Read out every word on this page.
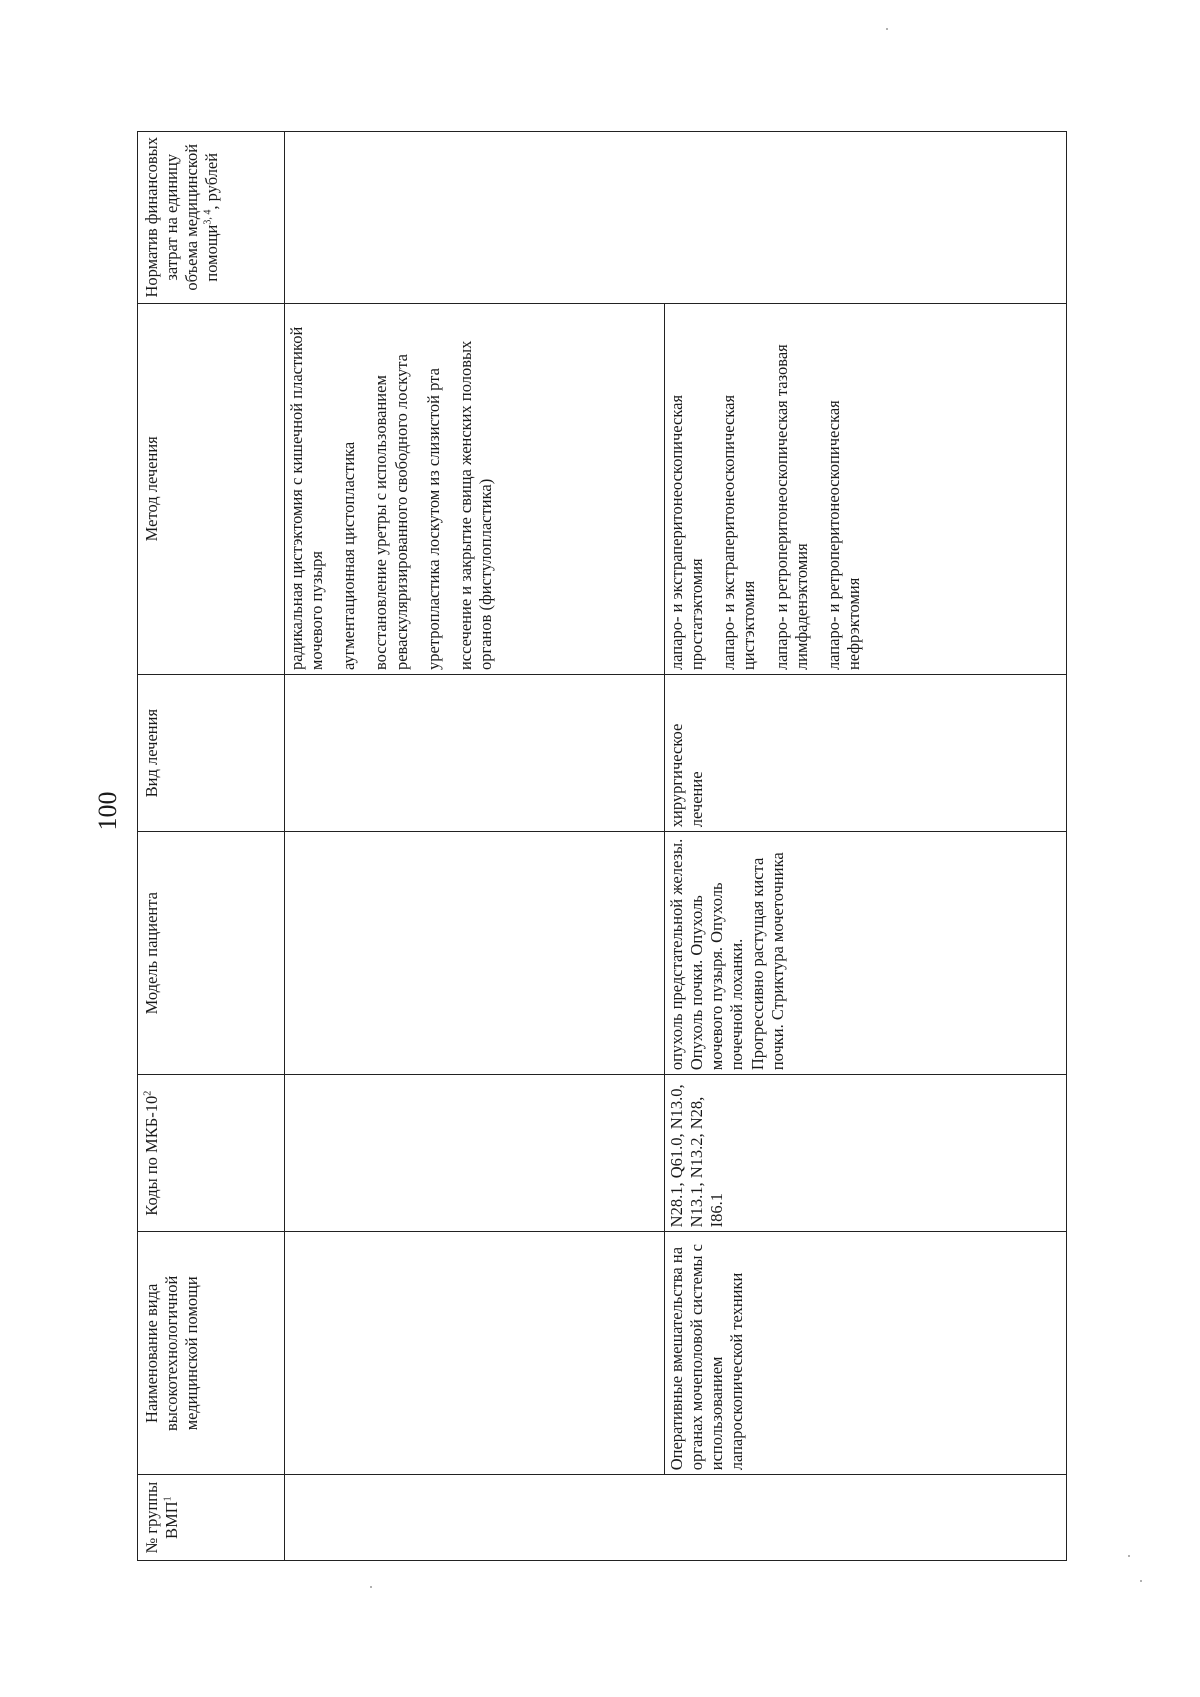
100
№ группы ВМП$^1$	Наименование вида высокотехнологичной медицинской помощи	Коды по МКБ-$10^2$	Модель пациента	Вид лечения	Метод лечения	Норматив финансовых затрат на единицу объема медицинской помощи$^{3, 4}$, рублей

					радикальная цистэктомия с кишечной пластикой мочевого пузыря аугментационная цистопластика восстановление уретры с использованием реваскуляризированного свободного лоскута уретропластика лоскутом из слизистой рта иссечение и закрытие свища женских половых органов (фистулопластика)	

	Оперативные вмешательства на органах мочеполовой системы с использованием лапароскопической техники	N28.1, Q61.0, N13.0, N13.1, N13.2, N28, I86.1	опухоль предстательной железы. Опухоль почки. Опухоль мочевого пузыря. Опухоль почечной лоханки. Прогрессивно растущая киста почки. Стриктура мочеточника	хирургическое лечение	лапаро- и экстраперитонеоскопическая простатэктомия лапаро- и экстраперитонеоскопическая цистэктомия лапаро- и ретроперитонеоскопическая тазовая лимфаденэктомия лапаро- и ретроперитонеоскопическая нефрэктомия	
